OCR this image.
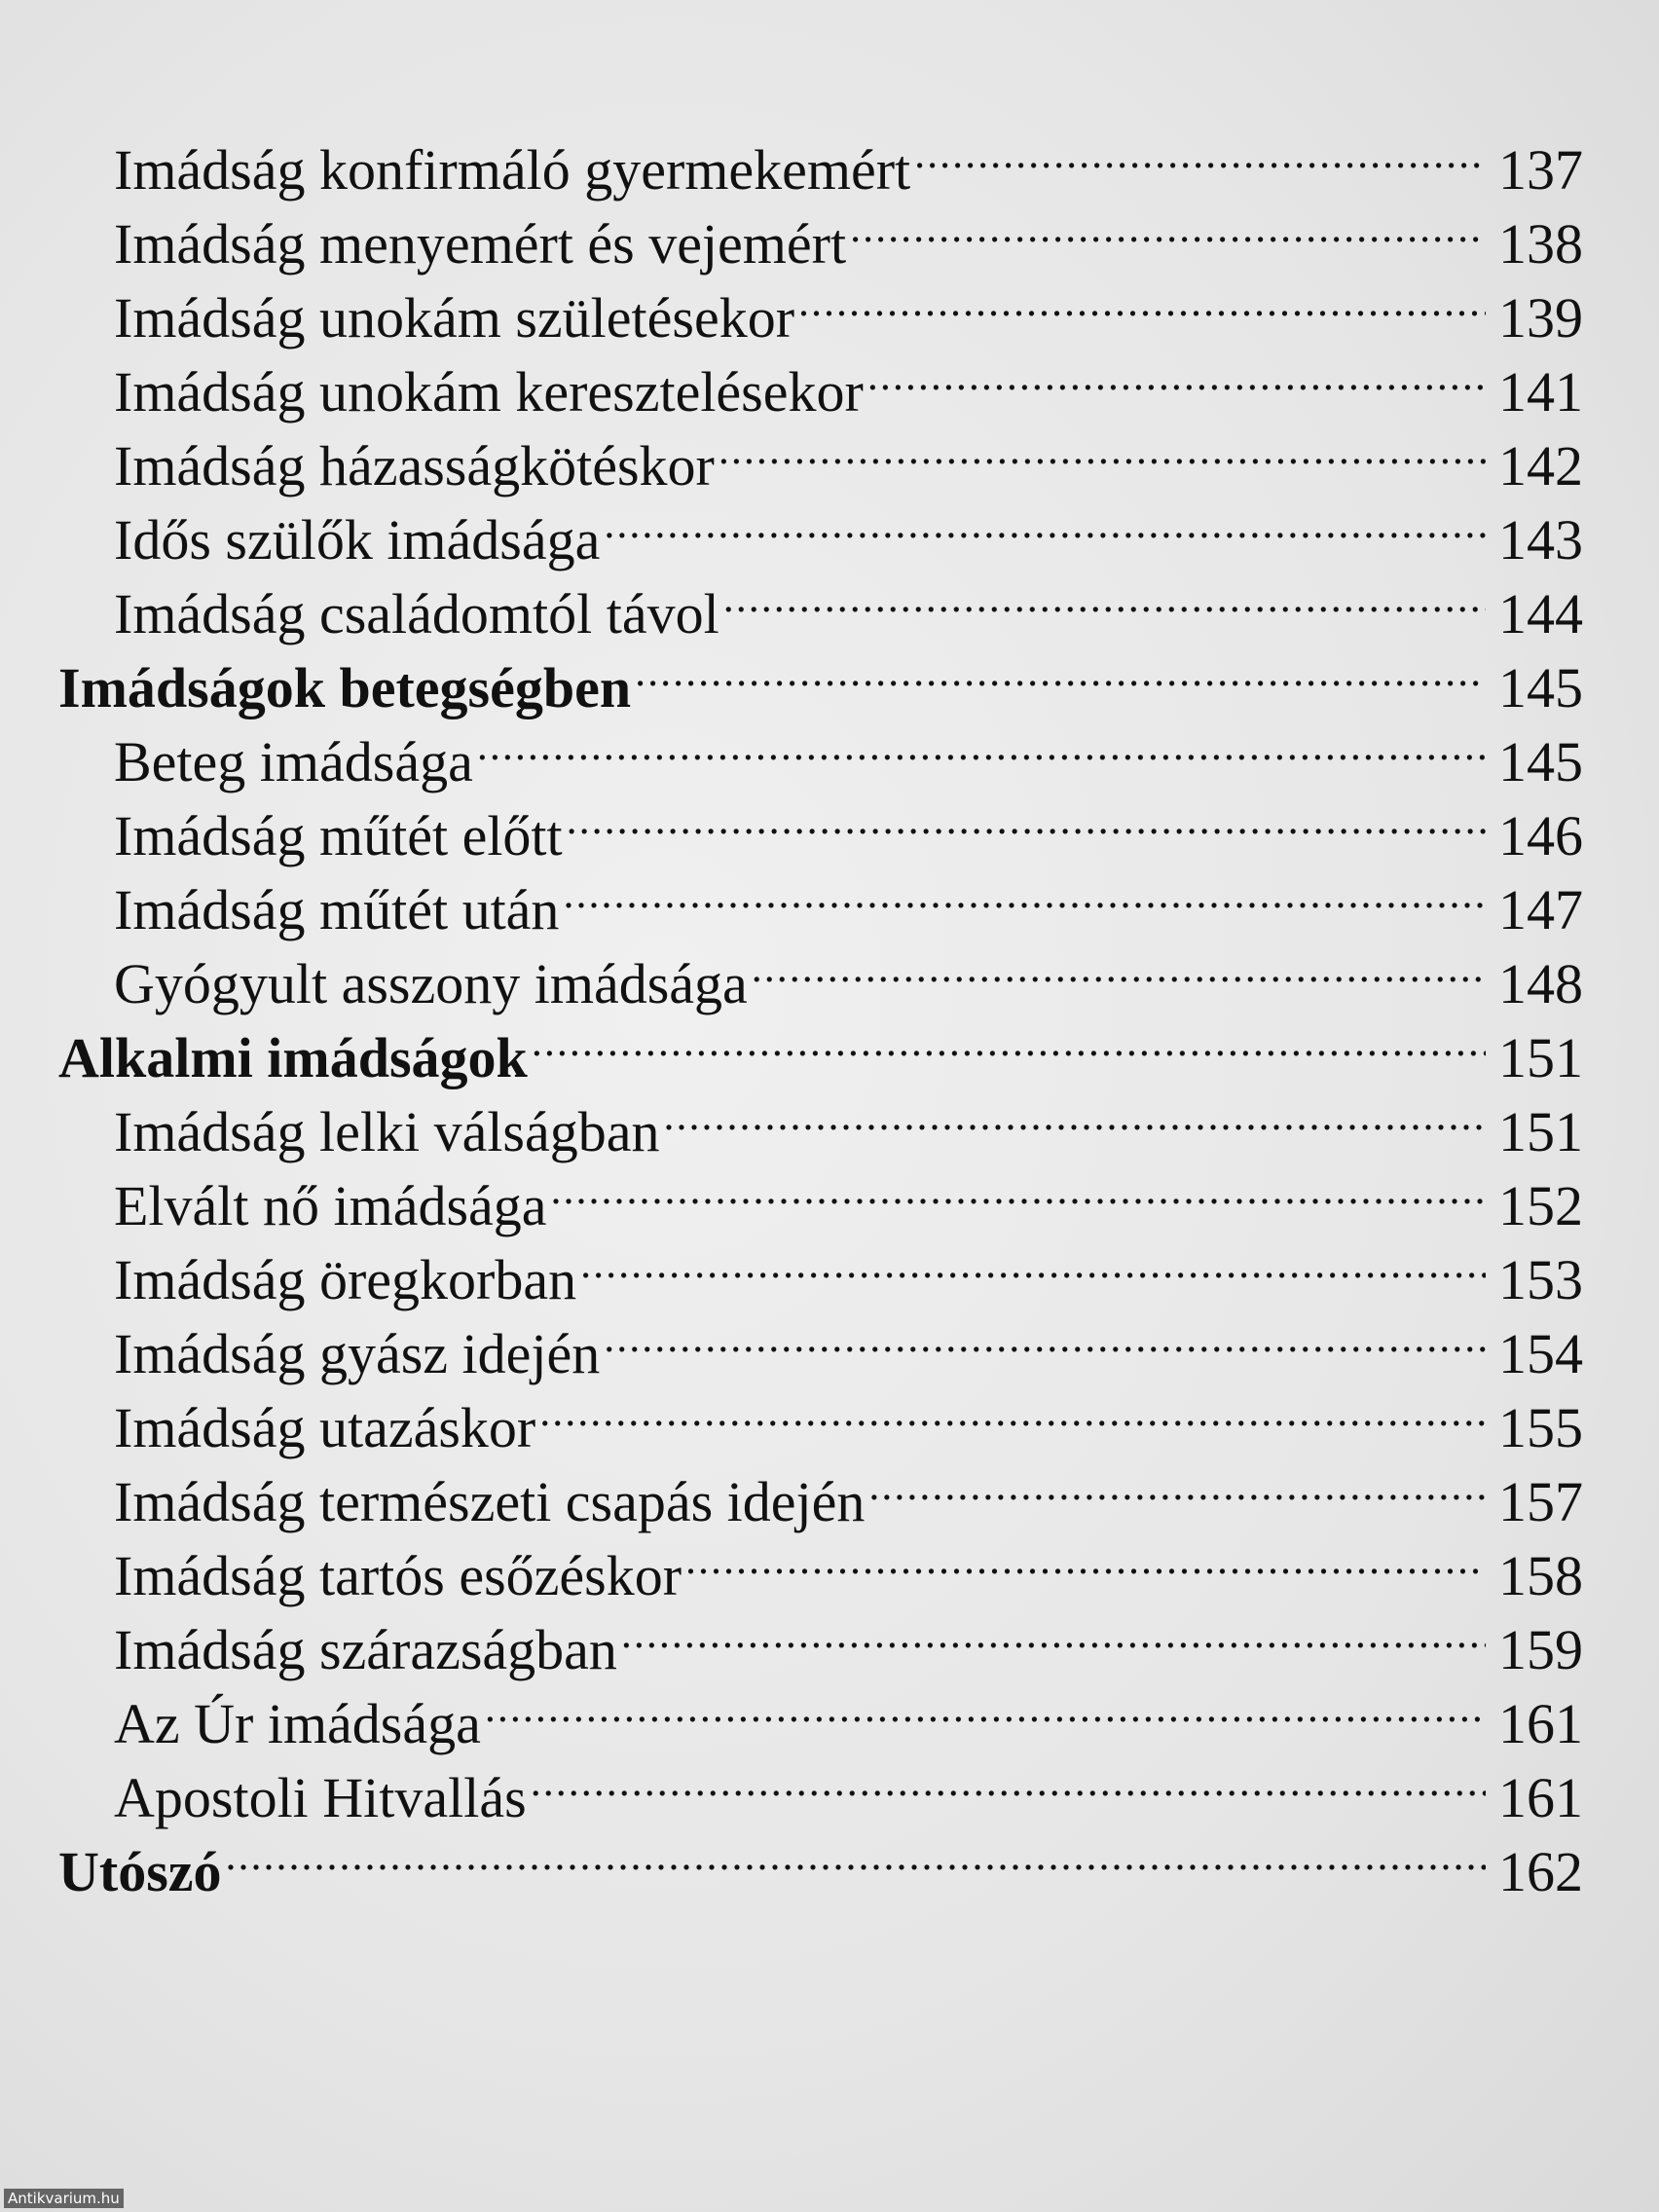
Imádság konfirmáló gyermekemért .....	137
Imádság menyemért és vejemért .....	138
Imádság unokám születésekor .....	139
Imádság unokám keresztelésekor .....	141
Imádság házasságkötéskor .....	142
Idős szülők imádsága .....	143
Imádság családomtól távol .....	144
Imádságok betegségben .....	145
Beteg imádsága .....	145
Imádság műtét előtt .....	146
Imádság műtét után .....	147
Gyógyult asszony imádsága .....	148
Alkalmi imádságok .....	151
Imádság lelki válságban .....	151
Elvált nő imádsága .....	152
Imádság öregkorban .....	153
Imádság gyász idején .....	154
Imádság utazáskor .....	155
Imádság természeti csapás idején .....	157
Imádság tartós esőzéskor .....	158
Imádság szárazságban .....	159
Az Úr imádsága .....	161
Apostoli Hitvallás .....	161
Utószó .....	162
Antikvarium.hu
